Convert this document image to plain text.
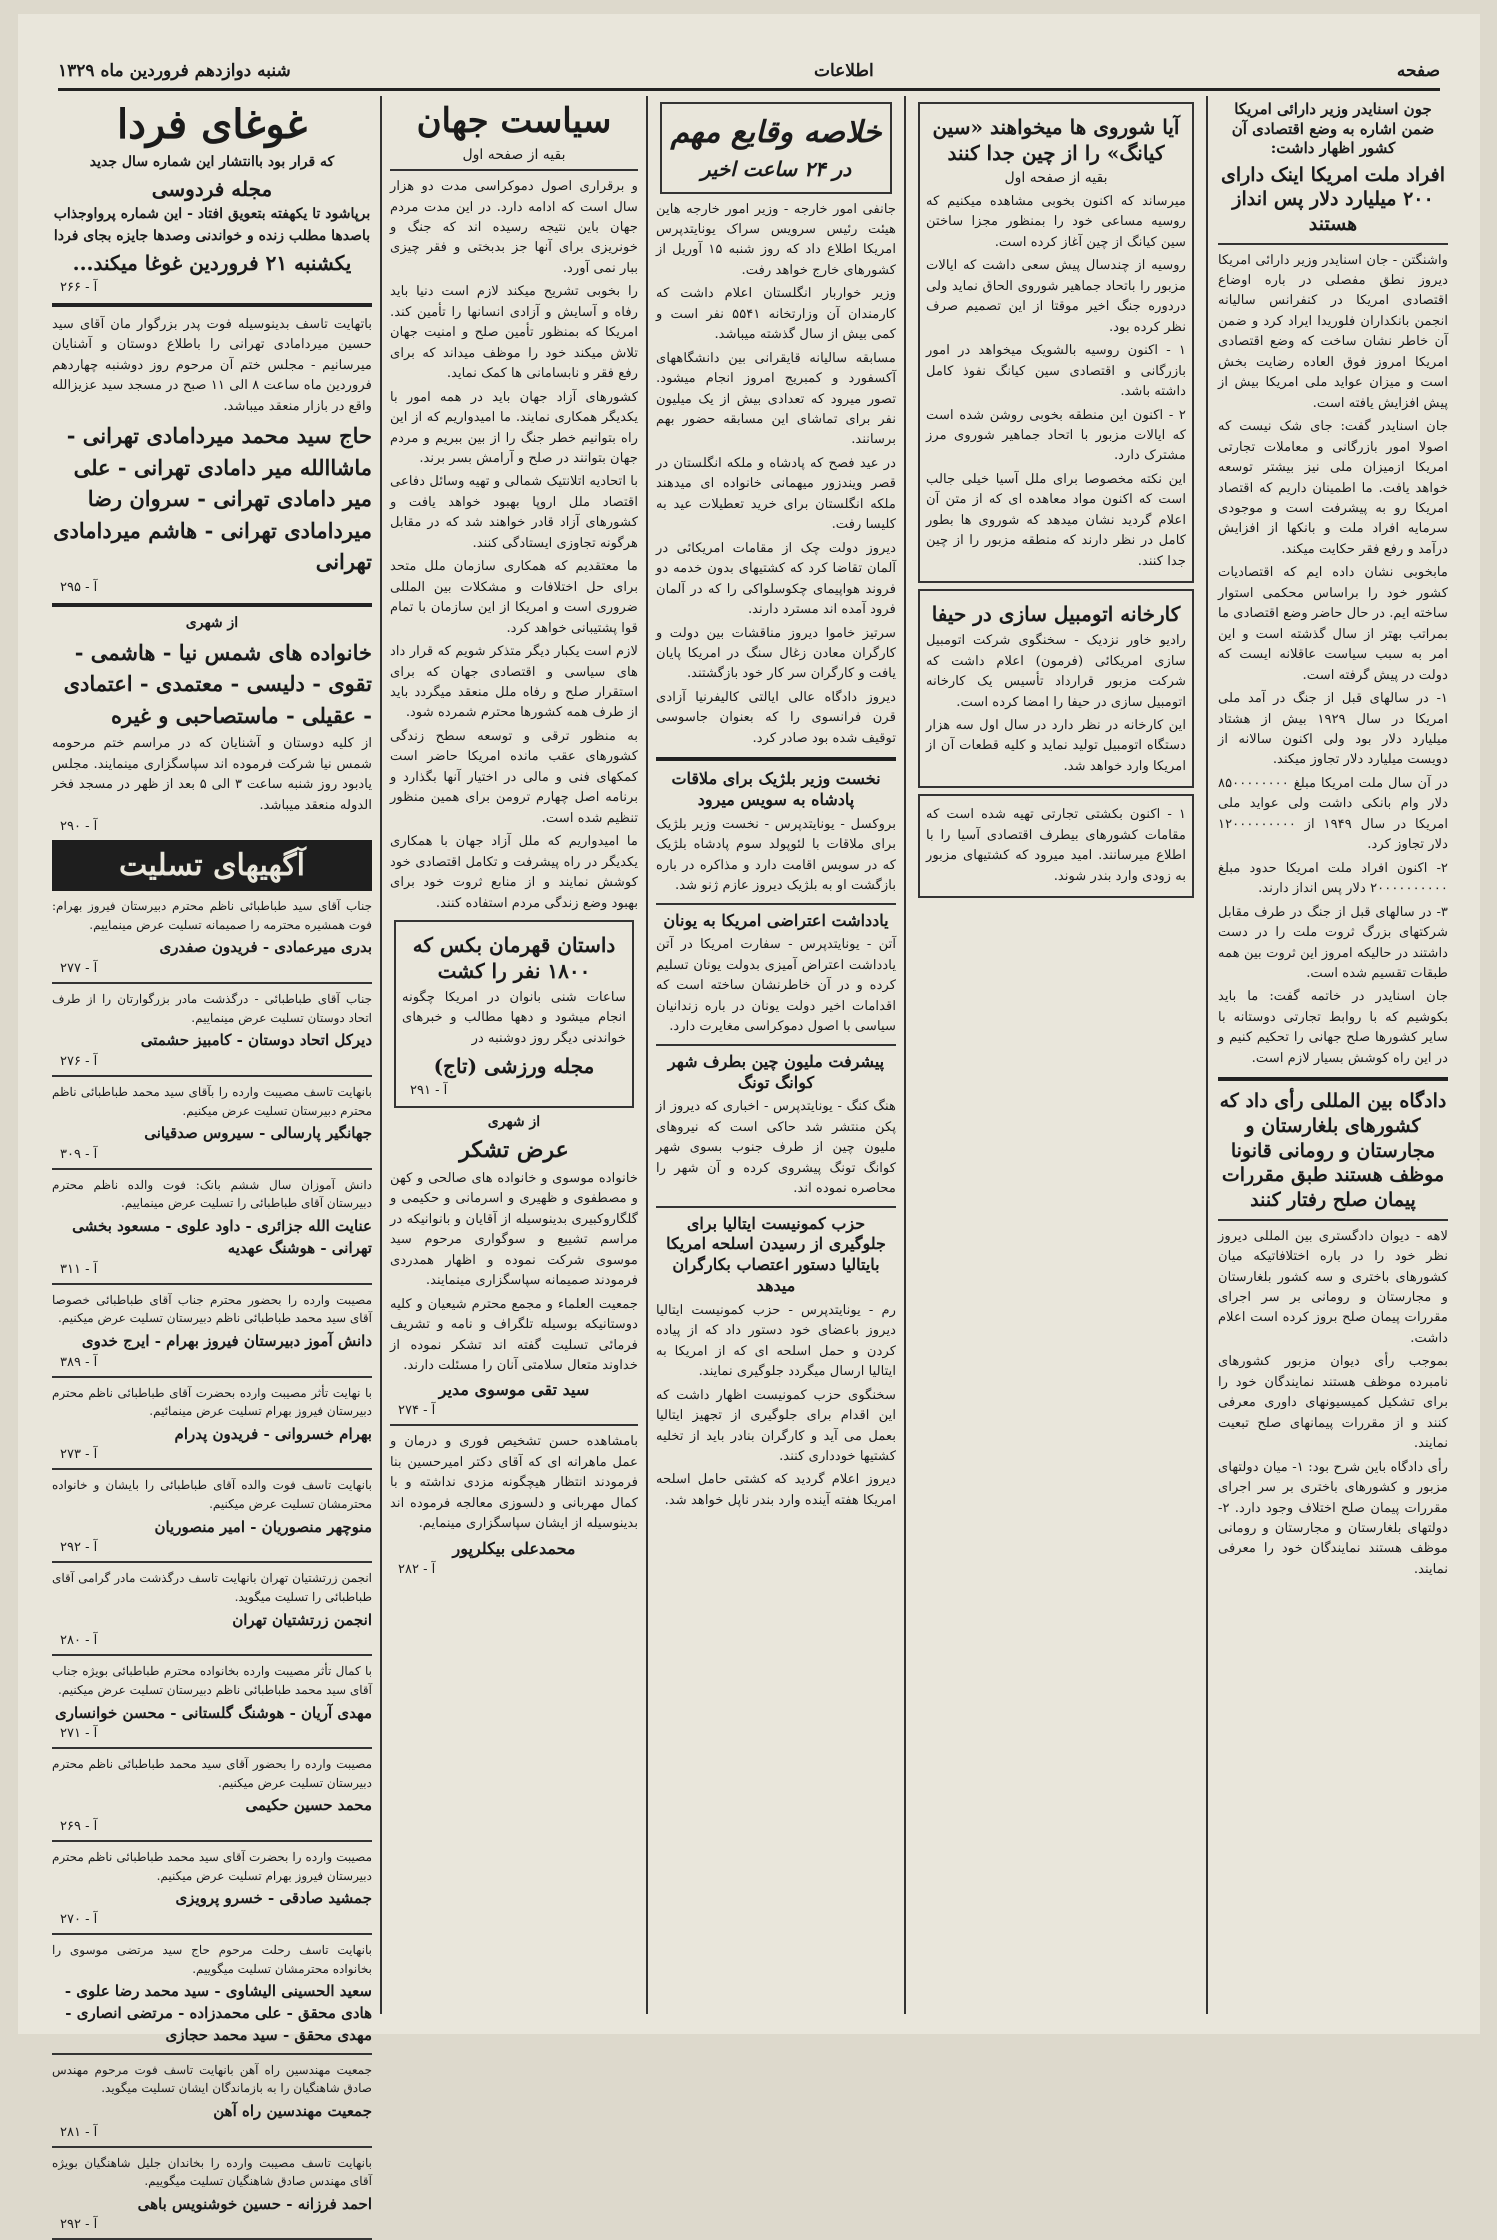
صفحه
اطلاعات
شنبه دوازدهم فروردین ماه ۱۳۲۹
جون اسنایدر وزیر دارائی امریکا ضمن اشاره به وضع اقتصادی آن کشور اظهار داشت:
افراد ملت امریکا اینک دارای ۲۰۰ میلیارد دلار پس انداز هستند

واشنگتن - جان اسنایدر وزیر دارائی امریکا دیروز نطق مفصلی در باره اوضاع اقتصادی امریکا در کنفرانس سالیانه انجمن بانکداران فلوریدا ایراد کرد و ضمن آن خاطر نشان ساخت که وضع اقتصادی امریکا امروز فوق العاده رضایت بخش است و میزان عواید ملی امریکا بیش از پیش افزایش یافته است.

جان اسنایدر گفت: جای شک نیست که اصولا امور بازرگانی و معاملات تجارتی امریکا ازمیزان ملی نیز بیشتر توسعه خواهد یافت. ما اطمینان داریم که اقتصاد امریکا رو به پیشرفت است و موجودی سرمایه افراد ملت و بانکها از افزایش درآمد و رفع فقر حکایت میکند.

مابخوبی نشان داده ایم که اقتصادیات کشور خود را براساس محکمی استوار ساخته ایم. در حال حاضر وضع اقتصادی ما بمراتب بهتر از سال گذشته است و این امر به سبب سیاست عاقلانه ایست که دولت در پیش گرفته است.

۱- در سالهای قبل از جنگ در آمد ملی امریکا در سال ۱۹۲۹ بیش از هشتاد میلیارد دلار بود ولی اکنون سالانه از دویست میلیارد دلار تجاوز میکند.

در آن سال ملت امریکا مبلغ ۸۵۰۰۰۰۰۰۰۰ دلار وام بانکی داشت ولی عواید ملی امریکا در سال ۱۹۴۹ از ۱۲۰۰۰۰۰۰۰۰۰ دلار تجاوز کرد.

۲- اکنون افراد ملت امریکا حدود مبلغ ۲۰۰۰۰۰۰۰۰۰۰ دلار پس انداز دارند.

۳- در سالهای قبل از جنگ در طرف مقابل شرکتهای بزرگ ثروت ملت را در دست داشتند در حالیکه امروز این ثروت بین همه طبقات تقسیم شده است.

جان اسنایدر در خاتمه گفت: ما باید بکوشیم که با روابط تجارتی دوستانه با سایر کشورها صلح جهانی را تحکیم کنیم و در این راه کوشش بسیار لازم است.

دادگاه بین المللی رأی داد که کشورهای بلغارستان و مجارستان و رومانی قانونا موظف هستند طبق مقررات پیمان صلح رفتار کنند

لاهه - دیوان دادگستری بین المللی دیروز نظر خود را در باره اختلافاتیکه میان کشورهای باختری و سه کشور بلغارستان و مجارستان و رومانی بر سر اجرای مقررات پیمان صلح بروز کرده است اعلام داشت.

بموجب رأی دیوان مزبور کشورهای نامبرده موظف هستند نمایندگان خود را برای تشکیل کمیسیونهای داوری معرفی کنند و از مقررات پیمانهای صلح تبعیت نمایند.

رأی دادگاه باین شرح بود: ۱- میان دولتهای مزبور و کشورهای باختری بر سر اجرای مقررات پیمان صلح اختلاف وجود دارد. ۲- دولتهای بلغارستان و مجارستان و رومانی موظف هستند نمایندگان خود را معرفی نمایند.

آیا شوروی ها میخواهند «سین کیانگ» را از چین جدا کنند
بقیه از صفحه اول

میرساند که اکنون بخوبی مشاهده میکنیم که روسیه مساعی خود را بمنظور مجزا ساختن سین کیانگ از چین آغاز کرده است.

روسیه از چندسال پیش سعی داشت که ایالات مزبور را باتحاد جماهیر شوروی الحاق نماید ولی دردوره جنگ اخیر موقتا از این تصمیم صرف نظر کرده بود.

۱ - اکنون روسیه بالشویک میخواهد در امور بازرگانی و اقتصادی سین کیانگ نفوذ کامل داشته باشد.

۲ - اکنون این منطقه بخوبی روشن شده است که ایالات مزبور با اتحاد جماهیر شوروی مرز مشترک دارد.

این نکته مخصوصا برای ملل آسیا خیلی جالب است که اکنون مواد معاهده ای که از متن آن اعلام گردید نشان میدهد که شوروی ها بطور کامل در نظر دارند که منطقه مزبور را از چین جدا کنند.

کارخانه اتومبیل سازی در حیفا

رادیو خاور نزدیک - سخنگوی شرکت اتومبیل سازی امریکائی (فرمون) اعلام داشت که شرکت مزبور قرارداد تأسیس یک کارخانه اتومبیل سازی در حیفا را امضا کرده است.

این کارخانه در نظر دارد در سال اول سه هزار دستگاه اتومبیل تولید نماید و کلیه قطعات آن از امریکا وارد خواهد شد.

۱ - اکنون بکشتی تجارتی تهیه شده است که مقامات کشورهای بیطرف اقتصادی آسیا را با اطلاع میرسانند. امید میرود که کشتیهای مزبور به زودی وارد بندر شوند.

خلاصه وقایع مهم
در ۲۴ ساعت اخیر

جانفی امور خارجه - وزیر امور خارجه هاین هیئت رئیس سرویس سراک یونایتدپرس امریکا اطلاع داد که روز شنبه ۱۵ آوریل از کشورهای خارج خواهد رفت.

وزیر خواربار انگلستان اعلام داشت که کارمندان آن وزارتخانه ۵۵۴۱ نفر است و کمی بیش از سال گذشته میباشد.

مسابقه سالیانه قایقرانی بین دانشگاههای آکسفورد و کمبریج امروز انجام میشود. تصور میرود که تعدادی بیش از یک میلیون نفر برای تماشای این مسابقه حضور بهم برسانند.

در عید فصح که پادشاه و ملکه انگلستان در قصر ویندزور میهمانی خانواده ای میدهند ملکه انگلستان برای خرید تعطیلات عید به کلیسا رفت.

دیروز دولت چک از مقامات امریکائی در آلمان تقاضا کرد که کشتیهای بدون خدمه دو فروند هواپیمای چکوسلواکی را که در آلمان فرود آمده اند مسترد دارند.

سرتیز خاموا دیروز مناقشات بین دولت و کارگران معادن زغال سنگ در امریکا پایان یافت و کارگران سر کار خود بازگشتند.

دیروز دادگاه عالی ایالتی کالیفرنیا آزادی قرن فرانسوی را که بعنوان جاسوسی توقیف شده بود صادر کرد.

نخست وزیر بلژیک برای ملاقات پادشاه به سویس میرود

بروکسل - یونایتدپرس - نخست وزیر بلژیک برای ملاقات با لئوپولد سوم پادشاه بلژیک که در سویس اقامت دارد و مذاکره در باره بازگشت او به بلژیک دیروز عازم ژنو شد.

یادداشت اعتراضی امریکا به یونان

آتن - یونایتدپرس - سفارت امریکا در آتن یادداشت اعتراض آمیزی بدولت یونان تسلیم کرده و در آن خاطرنشان ساخته است که اقدامات اخیر دولت یونان در باره زندانیان سیاسی با اصول دموکراسی مغایرت دارد.

پیشرفت ملیون چین بطرف شهر کوانگ تونگ

هنگ کنگ - یونایتدپرس - اخباری که دیروز از پکن منتشر شد حاکی است که نیروهای ملیون چین از طرف جنوب بسوی شهر کوانگ تونگ پیشروی کرده و آن شهر را محاصره نموده اند.

حزب کمونیست ایتالیا برای جلوگیری از رسیدن اسلحه امریکا بایتالیا دستور اعتصاب بکارگران میدهد

رم - یونایتدپرس - حزب کمونیست ایتالیا دیروز باعضای خود دستور داد که از پیاده کردن و حمل اسلحه ای که از امریکا به ایتالیا ارسال میگردد جلوگیری نمایند.

سخنگوی حزب کمونیست اظهار داشت که این اقدام برای جلوگیری از تجهیز ایتالیا بعمل می آید و کارگران بنادر باید از تخلیه کشتیها خودداری کنند.

دیروز اعلام گردید که کشتی حامل اسلحه امریکا هفته آینده وارد بندر ناپل خواهد شد.

سیاست جهان
بقیه از صفحه اول

و برقراری اصول دموکراسی مدت دو هزار سال است که ادامه دارد. در این مدت مردم جهان باین نتیجه رسیده اند که جنگ و خونریزی برای آنها جز بدبختی و فقر چیزی ببار نمی آورد.

را بخوبی تشریح میکند لازم است دنیا باید رفاه و آسایش و آزادی انسانها را تأمین کند. امریکا که بمنظور تأمین صلح و امنیت جهان تلاش میکند خود را موظف میداند که برای رفع فقر و نابسامانی ها کمک نماید.

کشورهای آزاد جهان باید در همه امور با یکدیگر همکاری نمایند. ما امیدواریم که از این راه بتوانیم خطر جنگ را از بین ببریم و مردم جهان بتوانند در صلح و آرامش بسر برند.

با اتحادیه اتلانتیک شمالی و تهیه وسائل دفاعی اقتصاد ملل اروپا بهبود خواهد یافت و کشورهای آزاد قادر خواهند شد که در مقابل هرگونه تجاوزی ایستادگی کنند.

ما معتقدیم که همکاری سازمان ملل متحد برای حل اختلافات و مشکلات بین المللی ضروری است و امریکا از این سازمان با تمام قوا پشتیبانی خواهد کرد.

لازم است یکبار دیگر متذکر شویم که قرار داد های سیاسی و اقتصادی جهان که برای استقرار صلح و رفاه ملل منعقد میگردد باید از طرف همه کشورها محترم شمرده شود.

به منظور ترقی و توسعه سطح زندگی کشورهای عقب مانده امریکا حاضر است کمکهای فنی و مالی در اختیار آنها بگذارد و برنامه اصل چهارم ترومن برای همین منظور تنظیم شده است.

ما امیدواریم که ملل آزاد جهان با همکاری یکدیگر در راه پیشرفت و تکامل اقتصادی خود کوشش نمایند و از منابع ثروت خود برای بهبود وضع زندگی مردم استفاده کنند.

داستان قهرمان بکس که ۱۸۰۰ نفر را کشت

ساعات شنی بانوان در امریکا چگونه انجام میشود و دهها مطالب و خبرهای خواندنی دیگر روز دوشنبه در

مجله ورزشی (تاج)
آ - ۲۹۱
از شهری
عرض تشکر

خانواده موسوی و خانواده های صالحی و کهن و مصطفوی و ظهیری و اسرمانی و حکیمی و گلگاروکبیری بدینوسیله از آقایان و بانوانیکه در مراسم تشییع و سوگواری مرحوم سید موسوی شرکت نموده و اظهار همدردی فرمودند صمیمانه سپاسگزاری مینمایند.

جمعیت العلماء و مجمع محترم شیعیان و کلیه دوستانیکه بوسیله تلگراف و نامه و تشریف فرمائی تسلیت گفته اند تشکر نموده از خداوند متعال سلامتی آنان را مسئلت دارند.

سید تقی موسوی مدیر
آ - ۲۷۴

بامشاهده حسن تشخیص فوری و درمان و عمل ماهرانه ای که آقای دکتر امیرحسین بنا فرمودند انتظار هیچگونه مزدی نداشته و با کمال مهربانی و دلسوزی معالجه فرموده اند بدینوسیله از ایشان سپاسگزاری مینمایم.

محمدعلی بیکلرپور
آ - ۲۸۲
غوغای فردا
که قرار بود باانتشار این شماره سال جدید
مجله فردوسی
برپاشود تا یکهفته بتعویق افتاد - این شماره پرواوجذاب
باصدها مطلب زنده و خواندنی وصدها جایزه بجای فردا
یکشنبه ۲۱ فروردین غوغا میکند...
آ - ۲۶۶

باتهایت تاسف بدینوسیله فوت پدر بزرگوار مان آقای سید حسین میردامادی تهرانی را باطلاع دوستان و آشنایان میرسانیم - مجلس ختم آن مرحوم روز دوشنبه چهاردهم فروردین ماه ساعت ۸ الی ۱۱ صبح در مسجد سید عزیزالله واقع در بازار منعقد میباشد.

حاج سید محمد میردامادی تهرانی - ماشاالله میر دامادی تهرانی - علی میر دامادی تهرانی - سروان رضا میردامادی تهرانی - هاشم میردامادی تهرانی
آ - ۲۹۵
از شهری
خانواده های شمس نیا - هاشمی - تقوی - دلیسی - معتمدی - اعتمادی - عقیلی - ماستصاحبی و غیره

از کلیه دوستان و آشنایان که در مراسم ختم مرحومه شمس نیا شرکت فرموده اند سپاسگزاری مینمایند. مجلس یادبود روز شنبه ساعت ۳ الی ۵ بعد از ظهر در مسجد فخر الدوله منعقد میباشد.

آ - ۲۹۰
آگهیهای تسلیت

جناب آقای سید طباطبائی ناظم محترم دبیرستان فیروز بهرام: فوت همشیره محترمه را صمیمانه تسلیت عرض مینماییم.

بدری میرعمادی - فریدون صفدری
آ - ۲۷۷

جناب آقای طباطبائی - درگذشت مادر بزرگوارتان را از طرف اتحاد دوستان تسلیت عرض مینماییم.

دیرکل اتحاد دوستان - کامبیز حشمتی
آ - ۲۷۶

بانهایت تاسف مصیبت وارده را بآقای سید محمد طباطبائی ناظم محترم دبیرستان تسلیت عرض میکنیم.

جهانگیر پارسالی - سیروس صدقیانی
آ - ۳۰۹

دانش آموزان سال ششم بانک: فوت والده ناظم محترم دبیرستان آقای طباطبائی را تسلیت عرض مینماییم.

عنایت الله جزائری - داود علوی - مسعود بخشی تهرانی - هوشنگ عهدیه
آ - ۳۱۱

مصیبت وارده را بحضور محترم جناب آقای طباطبائی خصوصا آقای سید محمد طباطبائی ناظم دبیرستان تسلیت عرض میکنیم.

دانش آموز دبیرستان فیروز بهرام - ایرج خدوی
آ - ۳۸۹

با نهایت تأثر مصیبت وارده بحضرت آقای طباطبائی ناظم محترم دبیرستان فیروز بهرام تسلیت عرض مینمائیم.

بهرام خسروانی - فریدون پدرام
آ - ۲۷۳

بانهایت تاسف فوت والده آقای طباطبائی را بایشان و خانواده محترمشان تسلیت عرض میکنیم.

منوچهر منصوریان - امیر منصوریان
آ - ۲۹۲

انجمن زرتشتیان تهران بانهایت تاسف درگذشت مادر گرامی آقای طباطبائی را تسلیت میگوید.

انجمن زرتشتیان تهران
آ - ۲۸۰

با کمال تأثر مصیبت وارده بخانواده محترم طباطبائی بویژه جناب آقای سید محمد طباطبائی ناظم دبیرستان تسلیت عرض میکنیم.

مهدی آریان - هوشنگ گلستانی - محسن خوانساری
آ - ۲۷۱

مصیبت وارده را بحضور آقای سید محمد طباطبائی ناظم محترم دبیرستان تسلیت عرض میکنیم.

محمد حسین حکیمی
آ - ۲۶۹

مصیبت وارده را بحضرت آقای سید محمد طباطبائی ناظم محترم دبیرستان فیروز بهرام تسلیت عرض میکنیم.

جمشید صادقی - خسرو پرویزی
آ - ۲۷۰

بانهایت تاسف رحلت مرحوم حاج سید مرتضی موسوی را بخانواده محترمشان تسلیت میگوییم.

سعید الحسینی الیشاوی - سید محمد رضا علوی - هادی محقق - علی محمدزاده - مرتضی انصاری - مهدی محقق - سید محمد حجازی

جمعیت مهندسین راه آهن بانهایت تاسف فوت مرحوم مهندس صادق شاهنگیان را به بازماندگان ایشان تسلیت میگوید.

جمعیت مهندسین راه آهن
آ - ۲۸۱

بانهایت تاسف مصیبت وارده را بخاندان جلیل شاهنگیان بویژه آقای مهندس صادق شاهنگیان تسلیت میگوییم.

احمد فرزانه - حسین خوشنویس باهی
آ - ۲۹۲
